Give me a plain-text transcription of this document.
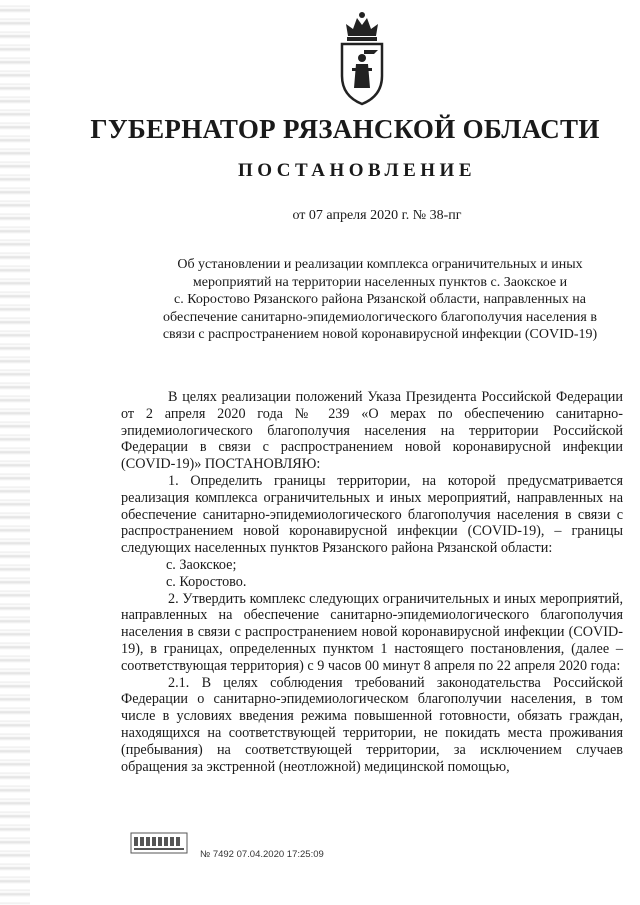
ГУБЕРНАТОР РЯЗАНСКОЙ ОБЛАСТИ
ПОСТАНОВЛЕНИЕ
от 07 апреля 2020 г. № 38-пг
Об установлении и реализации комплекса ограничительных и иных
мероприятий на территории населенных пунктов с. Заокское и
с. Коростово Рязанского района Рязанской области, направленных на
обеспечение санитарно-эпидемиологического благополучия населения в
связи с распространением новой коронавирусной инфекции (COVID-19)

В целях реализации положений Указа Президента Российской Федерации от 2 апреля 2020 года № 239 «О мерах по обеспечению санитарно-эпидемиологического благополучия населения на территории Российской Федерации в связи с распространением новой коронавирусной инфекции (COVID-19)» ПОСТАНОВЛЯЮ:

1. Определить границы территории, на которой предусматривается реализация комплекса ограничительных и иных мероприятий, направленных на обеспечение санитарно-эпидемиологического благополучия населения в связи с распространением новой коронавирусной инфекции (COVID-19), – границы следующих населенных пунктов Рязанского района Рязанской области:

с. Заокское;

с. Коростово.

2. Утвердить комплекс следующих ограничительных и иных мероприятий, направленных на обеспечение санитарно-эпидемиологического благополучия населения в связи с распространением новой коронавирусной инфекции (COVID-19), в границах, определенных пунктом 1 настоящего постановления, (далее – соответствующая территория) с 9 часов 00 минут 8 апреля по 22 апреля 2020 года:

2.1. В целях соблюдения требований законодательства Российской Федерации о санитарно-эпидемиологическом благополучии населения, в том числе в условиях введения режима повышенной готовности, обязать граждан, находящихся на соответствующей территории, не покидать места проживания (пребывания) на соответствующей территории, за исключением случаев обращения за экстренной (неотложной) медицинской помощью,

№ 7492 07.04.2020 17:25:09
